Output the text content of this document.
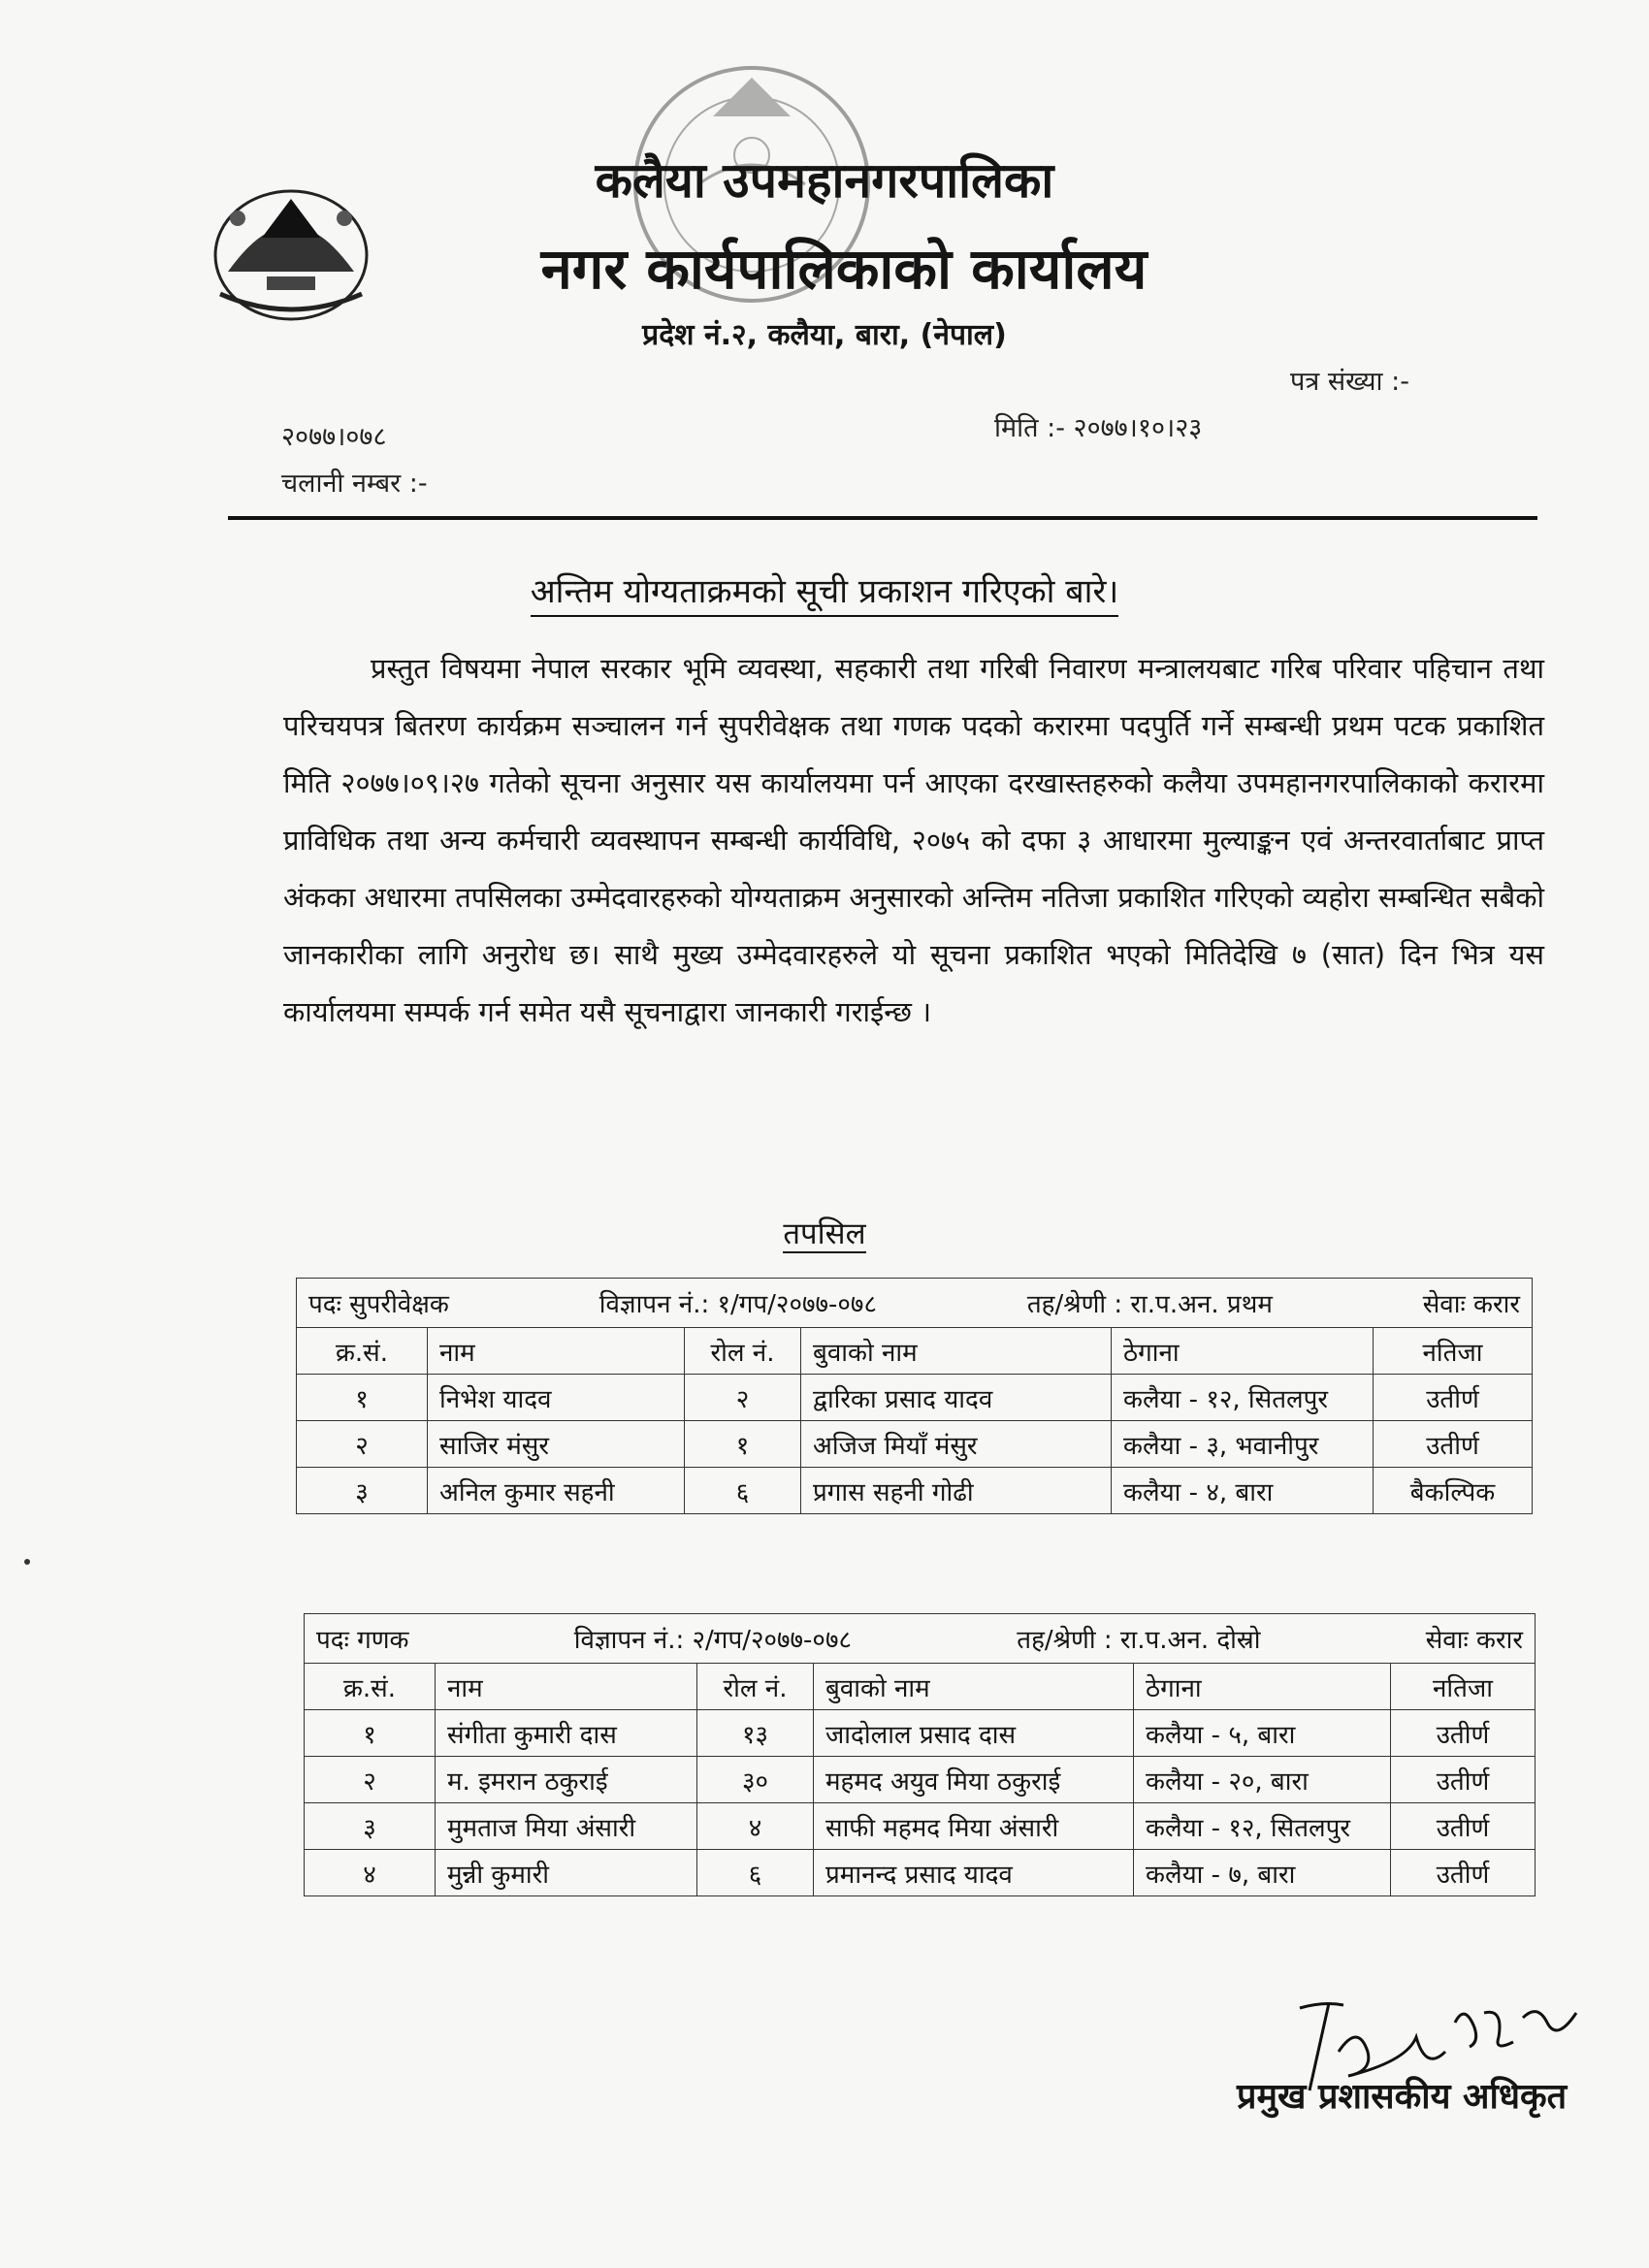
कलैया उपमहानगरपालिका
नगर कार्यपालिकाको कार्यालय
प्रदेश नं.२, कलैया, बारा, (नेपाल)
पत्र संख्या :-
२०७७।०७८	मिति :- २०७७।१०।२३
चलानी नम्बर :-
अन्तिम योग्यताक्रमको सूची प्रकाशन गरिएको बारे।
प्रस्तुत विषयमा नेपाल सरकार भूमि व्यवस्था, सहकारी तथा गरिबी निवारण मन्त्रालयबाट गरिब परिवार पहिचान तथा परिचयपत्र बितरण कार्यक्रम सञ्चालन गर्न सुपरीवेक्षक तथा गणक पदको करारमा पदपुर्ति गर्ने सम्बन्धी प्रथम पटक प्रकाशित मिति २०७७।०९।२७ गतेको सूचना अनुसार यस कार्यालयमा पर्न आएका दरखास्तहरुको कलैया उपमहानगरपालिकाको करारमा प्राविधिक तथा अन्य कर्मचारी व्यवस्थापन सम्बन्धी कार्यविधि, २०७५ को दफा ३ आधारमा मुल्याङ्कन एवं अन्तरवार्ताबाट प्राप्त अंकका अधारमा तपसिलका उम्मेदवारहरुको योग्यताक्रम अनुसारको अन्तिम नतिजा प्रकाशित गरिएको व्यहोरा सम्बन्धित सबैको जानकारीका लागि अनुरोध छ। साथै मुख्य उम्मेदवारहरुले यो सूचना प्रकाशित भएको मितिदेखि ७ (सात) दिन भित्र यस कार्यालयमा सम्पर्क गर्न समेत यसै सूचनाद्वारा जानकारी गराईन्छ ।
तपसिल
पदः सुपरीवेक्षक विज्ञापन नं.: १/गप/२०७७-०७८ तह/श्रेणी : रा.प.अन. प्रथम सेवाः करार					

क्र.सं.	नाम	रोल नं.	बुवाको नाम	ठेगाना	नतिजा
१	निभेश यादव	२	द्वारिका प्रसाद यादव	कलैया - १२, सितलपुर	उतीर्ण
२	साजिर मंसुर	१	अजिज मियाँ मंसुर	कलैया - ३, भवानीपुर	उतीर्ण
३	अनिल कुमार सहनी	६	प्रगास सहनी गोढी	कलैया - ४, बारा	बैकल्पिक
पदः गणक विज्ञापन नं.: २/गप/२०७७-०७८ तह/श्रेणी : रा.प.अन. दोस्रो सेवाः करार					

क्र.सं.	नाम	रोल नं.	बुवाको नाम	ठेगाना	नतिजा
१	संगीता कुमारी दास	१३	जादोलाल प्रसाद दास	कलैया - ५, बारा	उतीर्ण
२	म. इमरान ठकुराई	३०	महमद अयुव मिया ठकुराई	कलैया - २०, बारा	उतीर्ण
३	मुमताज मिया अंसारी	४	साफी महमद मिया अंसारी	कलैया - १२, सितलपुर	उतीर्ण
४	मुन्नी कुमारी	६	प्रमानन्द प्रसाद यादव	कलैया - ७, बारा	उतीर्ण
प्रमुख प्रशासकीय अधिकृत
